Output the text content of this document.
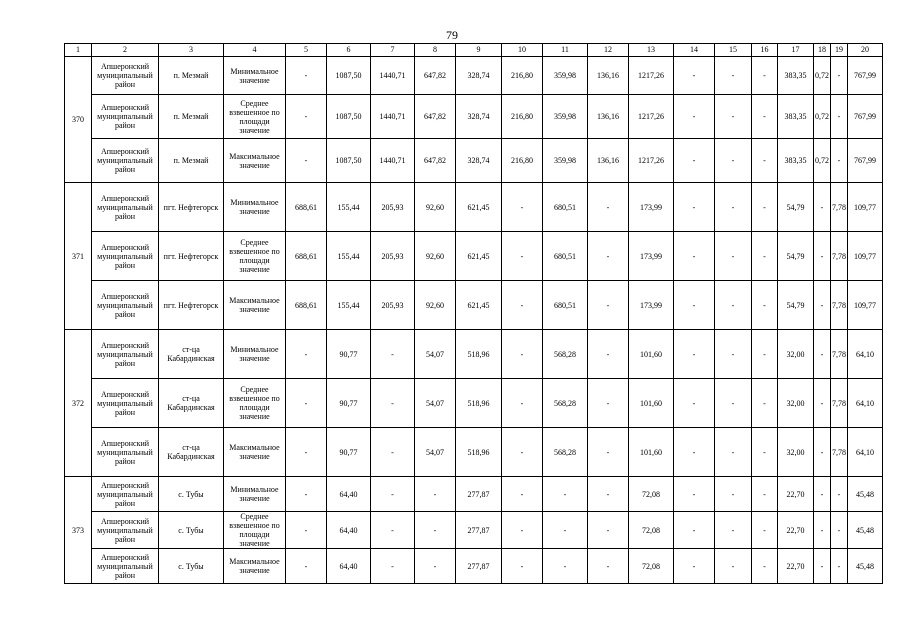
79
1	2	3	4	5	6	7	8	9	10	11	12	13	14	15	16	17	18	19	20
370	Апшеронский муниципальный район	п. Мезмай	Минимальное значение	-	1087,50	1440,71	647,82	328,74	216,80	359,98	136,16	1217,26	-	-	-	383,35	0,72	-	767,99
	Апшеронский муниципальный район	п. Мезмай	Среднее взвешенное по площади значение	-	1087,50	1440,71	647,82	328,74	216,80	359,98	136,16	1217,26	-	-	-	383,35	0,72	-	767,99
	Апшеронский муниципальный район	п. Мезмай	Максимальное значение	-	1087,50	1440,71	647,82	328,74	216,80	359,98	136,16	1217,26	-	-	-	383,35	0,72	-	767,99
371	Апшеронский муниципальный район	пгт. Нефтегорск	Минимальное значение	688,61	155,44	205,93	92,60	621,45	-	680,51	-	173,99	-	-	-	54,79	-	7,78	109,77
	Апшеронский муниципальный район	пгт. Нефтегорск	Среднее взвешенное по площади значение	688,61	155,44	205,93	92,60	621,45	-	680,51	-	173,99	-	-	-	54,79	-	7,78	109,77
	Апшеронский муниципальный район	пгт. Нефтегорск	Максимальное значение	688,61	155,44	205,93	92,60	621,45	-	680,51	-	173,99	-	-	-	54,79	-	7,78	109,77
372	Апшеронский муниципальный район	ст-ца Кабардинская	Минимальное значение	-	90,77	-	54,07	518,96	-	568,28	-	101,60	-	-	-	32,00	-	7,78	64,10
	Апшеронский муниципальный район	ст-ца Кабардинская	Среднее взвешенное по площади значение	-	90,77	-	54,07	518,96	-	568,28	-	101,60	-	-	-	32,00	-	7,78	64,10
	Апшеронский муниципальный район	ст-ца Кабардинская	Максимальное значение	-	90,77	-	54,07	518,96	-	568,28	-	101,60	-	-	-	32,00	-	7,78	64,10
373	Апшеронский муниципальный район	с. Тубы	Минимальное значение	-	64,40	-	-	277,87	-	-	-	72,08	-	-	-	22,70	-	-	45,48
	Апшеронский муниципальный район	с. Тубы	Среднее взвешенное по площади значение	-	64,40	-	-	277,87	-	-	-	72,08	-	-	-	22,70	-	-	45,48
	Апшеронский муниципальный район	с. Тубы	Максимальное значение	-	64,40	-	-	277,87	-	-	-	72,08	-	-	-	22,70	-	-	45,48
